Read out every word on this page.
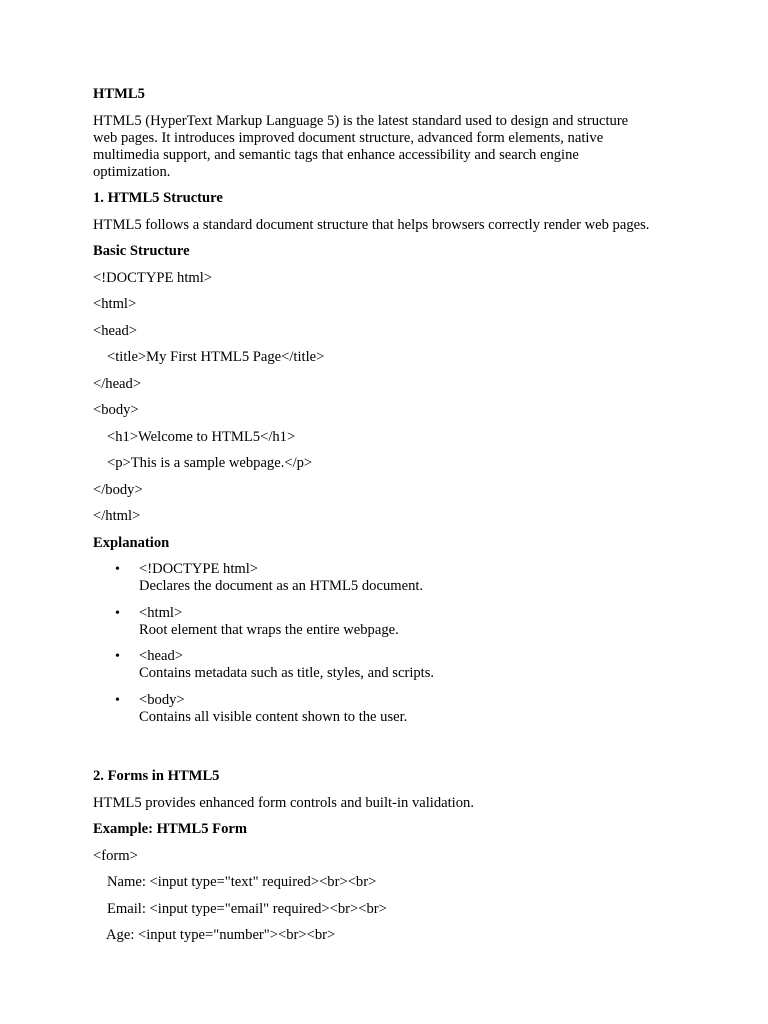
HTML5
HTML5 (HyperText Markup Language 5) is the latest standard used to design and structure web pages. It introduces improved document structure, advanced form elements, native multimedia support, and semantic tags that enhance accessibility and search engine optimization.
1. HTML5 Structure
HTML5 follows a standard document structure that helps browsers correctly render web pages.
Basic Structure
<!DOCTYPE html>
<html>
<head>
<title>My First HTML5 Page</title>
</head>
<body>
<h1>Welcome to HTML5</h1>
<p>This is a sample webpage.</p>
</body>
</html>
Explanation
• <!DOCTYPE html>
Declares the document as an HTML5 document.
• <html>
Root element that wraps the entire webpage.
• <head>
Contains metadata such as title, styles, and scripts.
• <body>
Contains all visible content shown to the user.
2. Forms in HTML5
HTML5 provides enhanced form controls and built-in validation.
Example: HTML5 Form
<form>
Name: <input type="text" required><br><br>
Email: <input type="email" required><br><br>
Age: <input type="number"><br><br>
